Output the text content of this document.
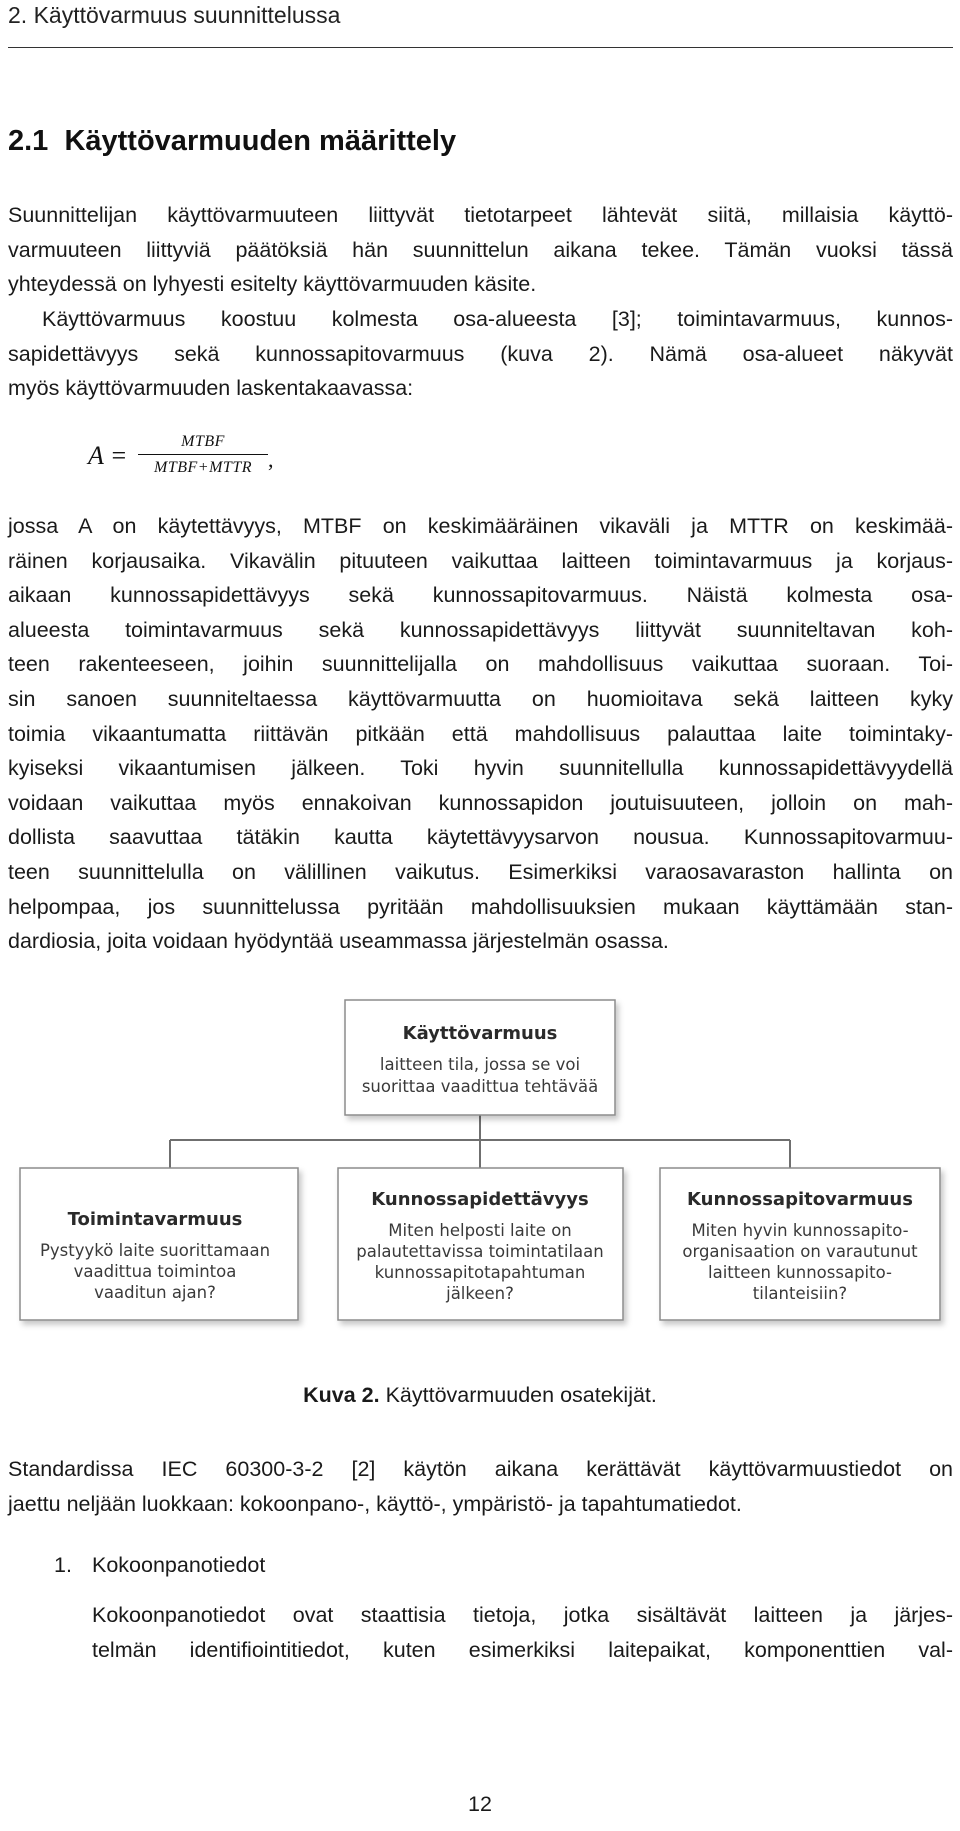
2. Käyttövarmuus suunnittelussa
2.1 Käyttövarmuuden määrittely
Suunnittelijan käyttövarmuuteen liittyvät tietotarpeet lähtevät siitä, millaisia käyttö-
varmuuteen liittyviä päätöksiä hän suunnittelun aikana tekee. Tämän vuoksi tässä
yhteydessä on lyhyesti esitelty käyttövarmuuden käsite.
Käyttövarmuus koostuu kolmesta osa-alueesta [3]; toimintavarmuus, kunnos-
sapidettävyys sekä kunnossapitovarmuus (kuva 2). Nämä osa-alueet näkyvät
myös käyttövarmuuden laskentakaavassa:
A =	MTBF
MTBF+MTTR ,
jossa A on käytettävyys, MTBF on keskimääräinen vikaväli ja MTTR on keskimää-
räinen korjausaika. Vikavälin pituuteen vaikuttaa laitteen toimintavarmuus ja korjaus-
aikaan kunnossapidettävyys sekä kunnossapitovarmuus. Näistä kolmesta osa-
alueesta toimintavarmuus sekä kunnossapidettävyys liittyvät suunniteltavan koh-
teen rakenteeseen, joihin suunnittelijalla on mahdollisuus vaikuttaa suoraan. Toi-
sin sanoen suunniteltaessa käyttövarmuutta on huomioitava sekä laitteen kyky
toimia vikaantumatta riittävän pitkään että mahdollisuus palauttaa laite toimintaky-
kyiseksi vikaantumisen jälkeen. Toki hyvin suunnitellulla kunnossapidettävyydellä
voidaan vaikuttaa myös ennakoivan kunnossapidon joutuisuuteen, jolloin on mah-
dollista saavuttaa tätäkin kautta käytettävyysarvon nousua. Kunnossapitovarmuu-
teen suunnittelulla on välillinen vaikutus. Esimerkiksi varaosavaraston hallinta on
helpompaa, jos suunnittelussa pyritään mahdollisuuksien mukaan käyttämään stan-
dardiosia, joita voidaan hyödyntää useammassa järjestelmän osassa.
Käyttövarmuus
laitteen tila, jossa se voi
suorittaa vaadittua tehtävää
Toimintavarmuus
Pystyykö laite suorittamaan
vaadittua toimintoa
vaaditun ajan?
Kunnossapidettävyys
Miten helposti laite on
palautettavissa toimintatilaan
kunnossapitotapahtuman
jälkeen?
Kunnossapitovarmuus
Miten hyvin kunnossapito-
organisaation on varautunut
laitteen kunnossapito-
tilanteisiin?
Kuva 2. Käyttövarmuuden osatekijät.
Standardissa IEC 60300-3-2 [2] käytön aikana kerättävät käyttövarmuustiedot on
jaettu neljään luokkaan: kokoonpano-, käyttö-, ympäristö- ja tapahtumatiedot.
1. Kokoonpanotiedot
Kokoonpanotiedot ovat staattisia tietoja, jotka sisältävät laitteen ja järjes-
telmän identifiointitiedot, kuten esimerkiksi laitepaikat, komponenttien val-
12
